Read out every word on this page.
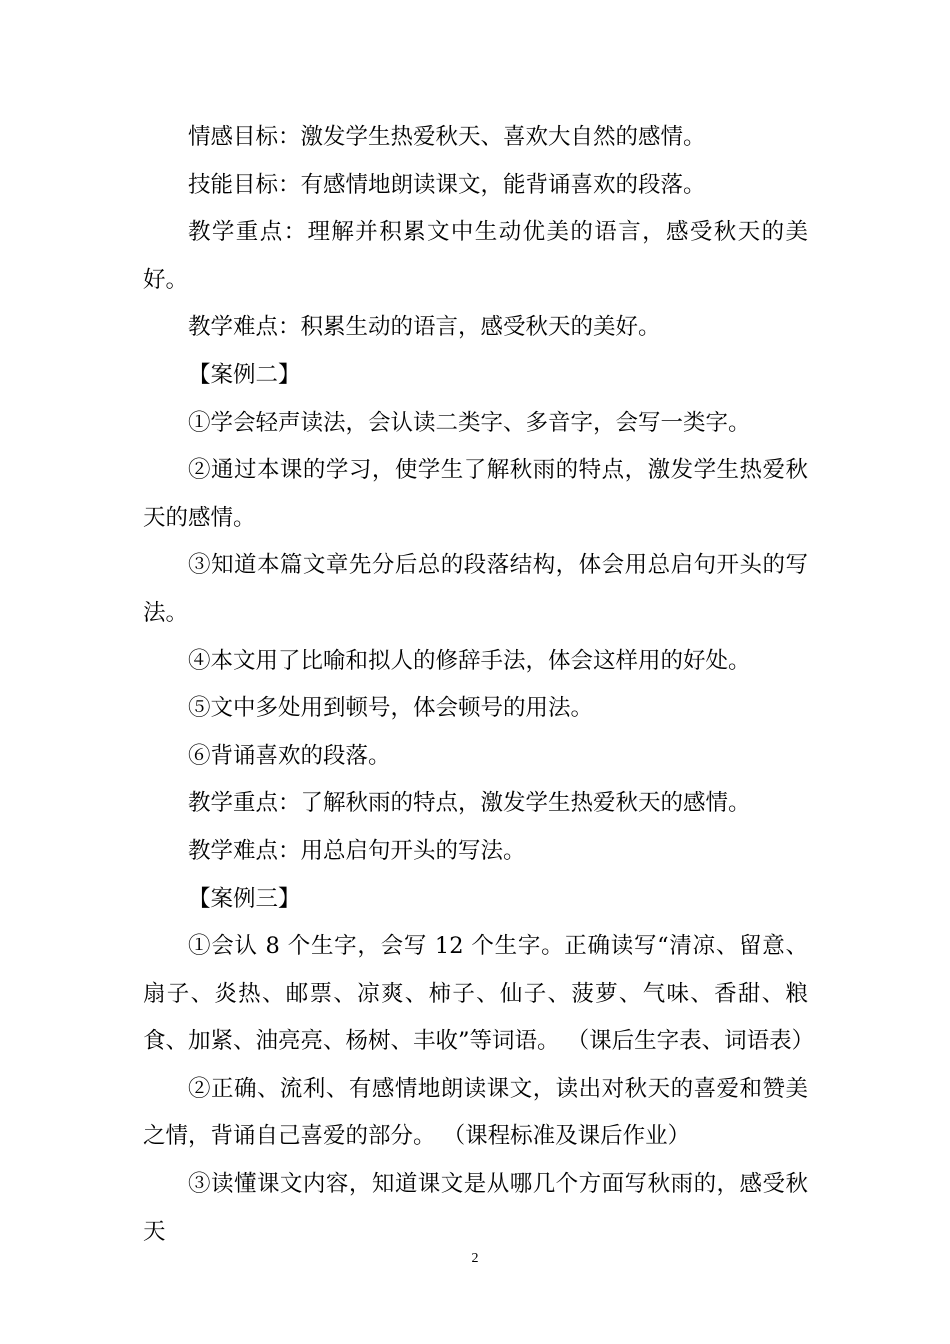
情感目标：激发学生热爱秋天、喜欢大自然的感情。

技能目标：有感情地朗读课文，能背诵喜欢的段落。

教学重点：理解并积累文中生动优美的语言，感受秋天的美好。

教学难点：积累生动的语言，感受秋天的美好。

【案例二】

①学会轻声读法，会认读二类字、多音字，会写一类字。

②通过本课的学习，使学生了解秋雨的特点，激发学生热爱秋天的感情。

③知道本篇文章先分后总的段落结构，体会用总启句开头的写法。

④本文用了比喻和拟人的修辞手法，体会这样用的好处。

⑤文中多处用到顿号，体会顿号的用法。

⑥背诵喜欢的段落。

教学重点：了解秋雨的特点，激发学生热爱秋天的感情。

教学难点：用总启句开头的写法。

【案例三】

①会认 8 个生字，会写 12 个生字。正确读写“清凉、留意、扇子、炎热、邮票、凉爽、柿子、仙子、菠萝、气味、香甜、粮食、加紧、油亮亮、杨树、丰收”等词语。 （课后生字表、词语表）

②正确、流利、有感情地朗读课文，读出对秋天的喜爱和赞美之情，背诵自己喜爱的部分。 （课程标准及课后作业）

③读懂课文内容，知道课文是从哪几个方面写秋雨的，感受秋天

2
